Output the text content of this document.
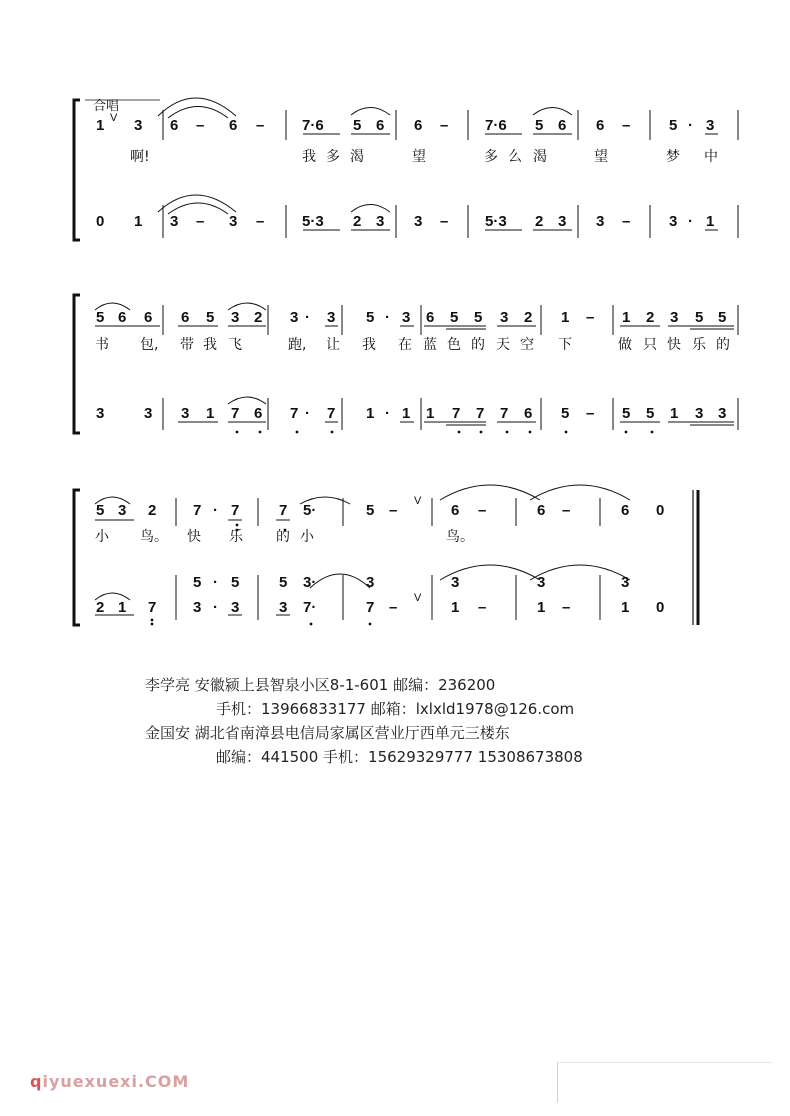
合唱
1 V 3 6 – 6 –	7·6 5 6 6 – 7·6 5 6 6 –	5 · 3
啊!	我 多 渴	望	多 么 渴	望	梦 中
0 1 3 – 3 –	5·3 2 3 3 – 5·3 2 3 3 –	3 · 1
5 6 6 6 5 3 2 3 · 3 5 · 3 6 5 5 3 2 1 – 1 2 3 5 5
书 包, 带 我 飞	跑, 让 我 在 蓝 色 的 天 空 下	做 只 快 乐 的
3	3 3 1 7 6 7 · 7 1 · 1 1 7 7 7 6 5 – 5 5 1 3 3
5 3 2 7 · 7	7 5·	5 –
V
6 –	6 –	6 0
小 鸟。 快 乐 的 小	鸟。
5 · 5	5 3·	3	3	3	3
2 1 7 3 · 3	3 7·	7 –
V
1 –	1 –	1 0
李学亮 安徽颍上县智泉小区8-1-601 邮编：236200
手机：13966833177 邮箱：lxlxld1978@126.com
金国安 湖北省南漳县电信局家属区营业厅西单元三楼东
邮编：441500 手机：15629329777 15308673808
qiyuexuexi.COM
